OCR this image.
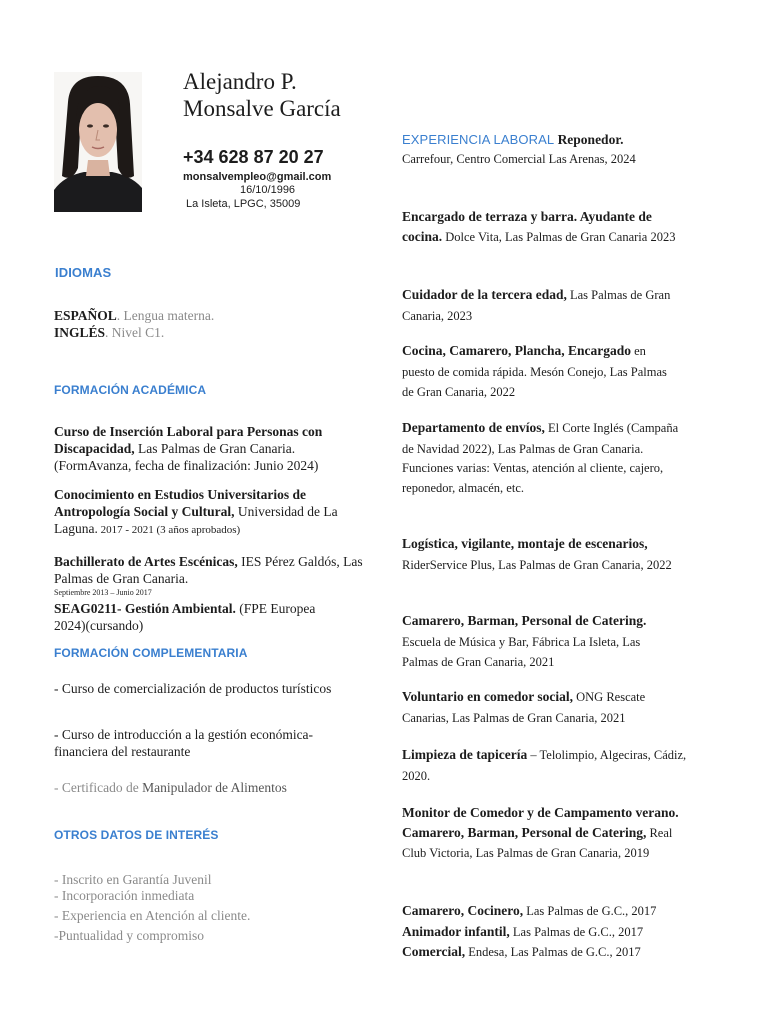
Alejandro P.
Monsalve García
+34 628 87 20 27
monsalvempleo@gmail.com
16/10/1996
La Isleta, LPGC, 35009
IDIOMAS
ESPAÑOL. Lengua materna.
INGLÉS. Nivel C1.
FORMACIÓN ACADÉMICA
Curso de Inserción Laboral para Personas con Discapacidad, Las Palmas de Gran Canaria.
(FormAvanza, fecha de finalización: Junio 2024)
Conocimiento en Estudios Universitarios de Antropología Social y Cultural, Universidad de La Laguna. 2017 - 2021 (3 años aprobados)
Bachillerato de Artes Escénicas, IES Pérez Galdós, Las Palmas de Gran Canaria.
Septiembre 2013 – Junio 2017
SEAG0211- Gestión Ambiental. (FPE Europea 2024)(cursando)
FORMACIÓN COMPLEMENTARIA
- Curso de comercialización de productos turísticos
- Curso de introducción a la gestión económica-financiera del restaurante
- Certificado de Manipulador de Alimentos
OTROS DATOS DE INTERÉS
- Inscrito en Garantía Juvenil
- Incorporación inmediata
- Experiencia en Atención al cliente.
-Puntualidad y compromiso
EXPERIENCIA LABORAL Reponedor.
Carrefour, Centro Comercial Las Arenas, 2024
Encargado de terraza y barra. Ayudante de cocina. Dolce Vita, Las Palmas de Gran Canaria 2023
Cuidador de la tercera edad, Las Palmas de Gran Canaria, 2023
Cocina, Camarero, Plancha, Encargado en puesto de comida rápida. Mesón Conejo, Las Palmas de Gran Canaria, 2022
Departamento de envíos, El Corte Inglés (Campaña de Navidad 2022), Las Palmas de Gran Canaria.
Funciones varias: Ventas, atención al cliente, cajero, reponedor, almacén, etc.
Logística, vigilante, montaje de escenarios, RiderService Plus, Las Palmas de Gran Canaria, 2022
Camarero, Barman, Personal de Catering. Escuela de Música y Bar, Fábrica La Isleta, Las Palmas de Gran Canaria, 2021
Voluntario en comedor social, ONG Rescate Canarias, Las Palmas de Gran Canaria, 2021
Limpieza de tapicería – Telolimpio, Algeciras, Cádiz, 2020.
Monitor de Comedor y de Campamento verano. Camarero, Barman, Personal de Catering, Real Club Victoria, Las Palmas de Gran Canaria, 2019
Camarero, Cocinero, Las Palmas de G.C., 2017
Animador infantil, Las Palmas de G.C., 2017
Comercial, Endesa, Las Palmas de G.C., 2017
